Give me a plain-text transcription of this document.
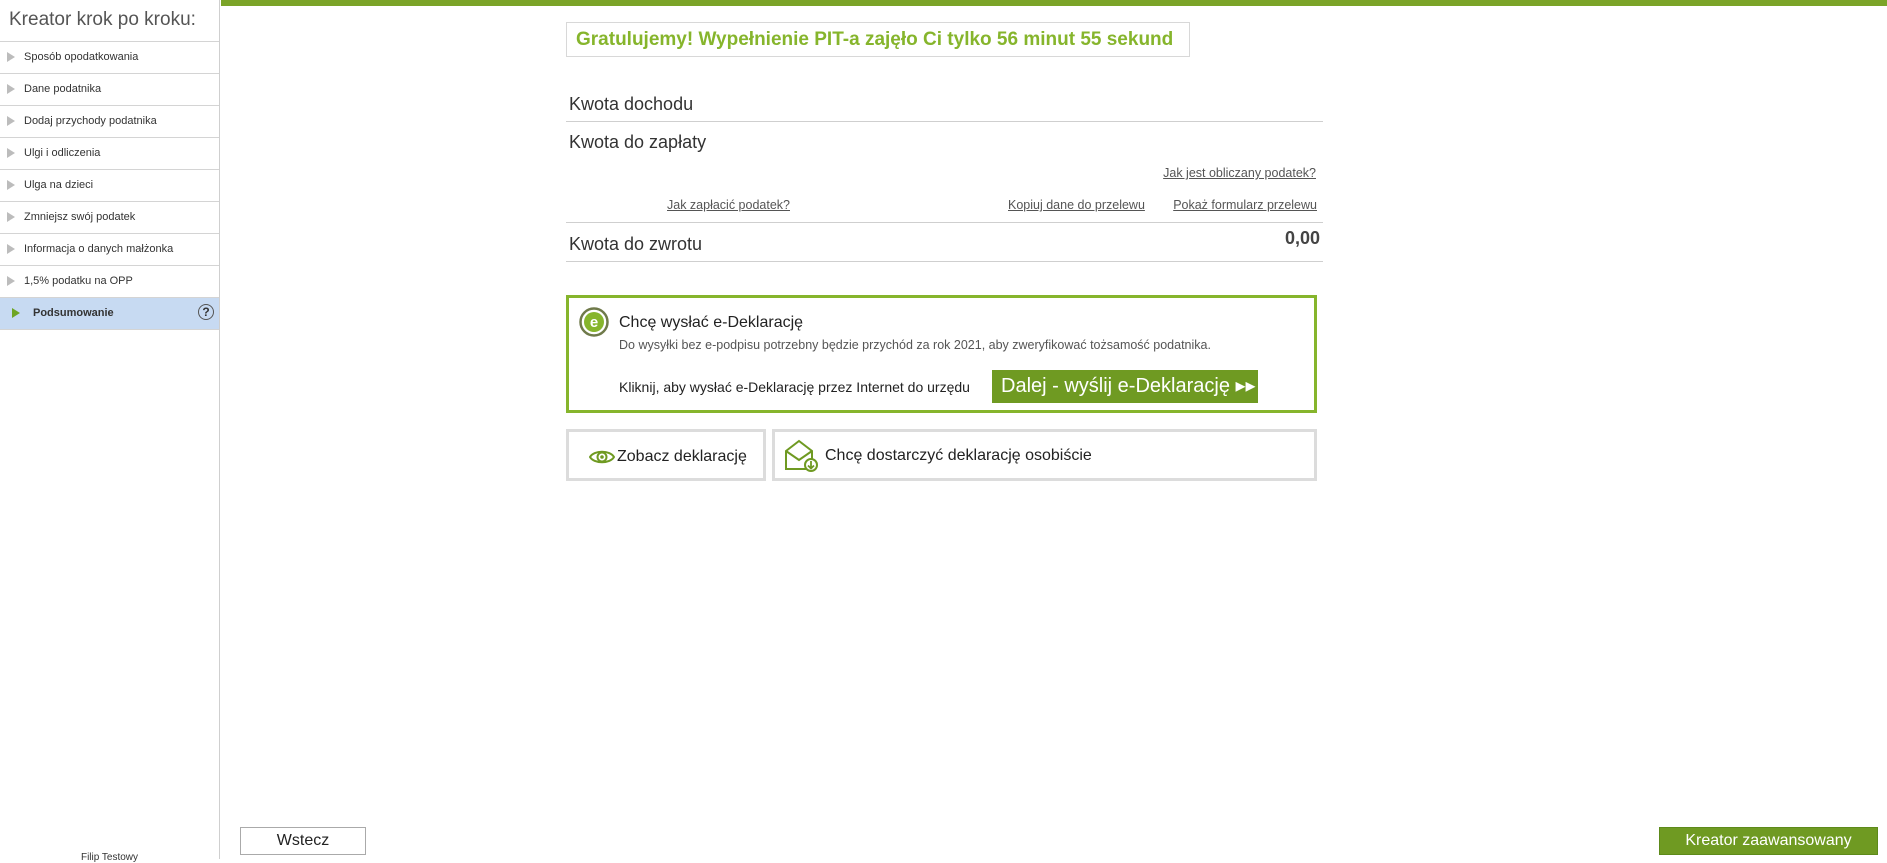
Kreator krok po kroku:
Sposób opodatkowania
Dane podatnika
Dodaj przychody podatnika
Ulgi i odliczenia
Ulga na dzieci
Zmniejsz swój podatek
Informacja o danych małżonka
1,5% podatku na OPP
Podsumowanie	?
Filip Testowy
Gratulujemy! Wypełnienie PIT-a zajęło Ci tylko 56 minut 55 sekund
Kwota dochodu
Kwota do zapłaty
Jak jest obliczany podatek?
Jak zapłacić podatek?	Kopiuj dane do przelewu Pokaż formularz przelewu
Kwota do zwrotu	0,00
e Chcę wysłać e-Deklarację
Do wysyłki bez e-podpisu potrzebny będzie przychód za rok 2021, aby zweryfikować tożsamość podatnika.
Kliknij, aby wysłać e-Deklarację przez Internet do urzędu	Dalej - wyślij e-Deklarację ▸▸
Zobacz deklarację	Chcę dostarczyć deklarację osobiście
Wstecz	Kreator zaawansowany
